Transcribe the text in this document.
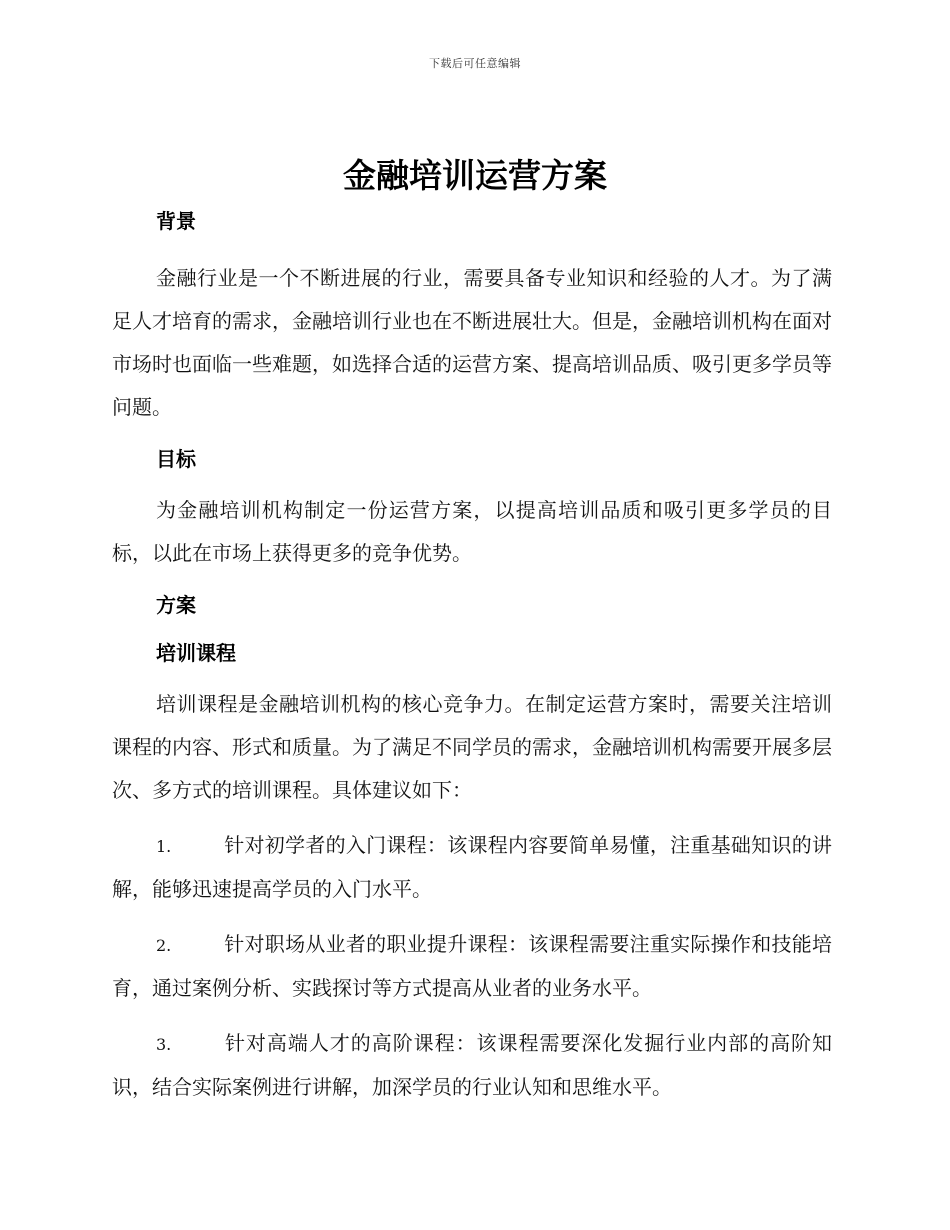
下载后可任意编辑
金融培训运营方案
背景

金融行业是一个不断进展的行业，需要具备专业知识和经验的人才。为了满足人才培育的需求，金融培训行业也在不断进展壮大。但是，金融培训机构在面对市场时也面临一些难题，如选择合适的运营方案、提高培训品质、吸引更多学员等问题。

目标

为金融培训机构制定一份运营方案，以提高培训品质和吸引更多学员的目标，以此在市场上获得更多的竞争优势。

方案
培训课程

培训课程是金融培训机构的核心竞争力。在制定运营方案时，需要关注培训课程的内容、形式和质量。为了满足不同学员的需求，金融培训机构需要开展多层次、多方式的培训课程。具体建议如下：

1.	针对初学者的入门课程：该课程内容要简单易懂，注重基础知识的讲解，能够迅速提高学员的入门水平。

2.	针对职场从业者的职业提升课程：该课程需要注重实际操作和技能培育，通过案例分析、实践探讨等方式提高从业者的业务水平。

3.	针对高端人才的高阶课程：该课程需要深化发掘行业内部的高阶知识，结合实际案例进行讲解，加深学员的行业认知和思维水平。
